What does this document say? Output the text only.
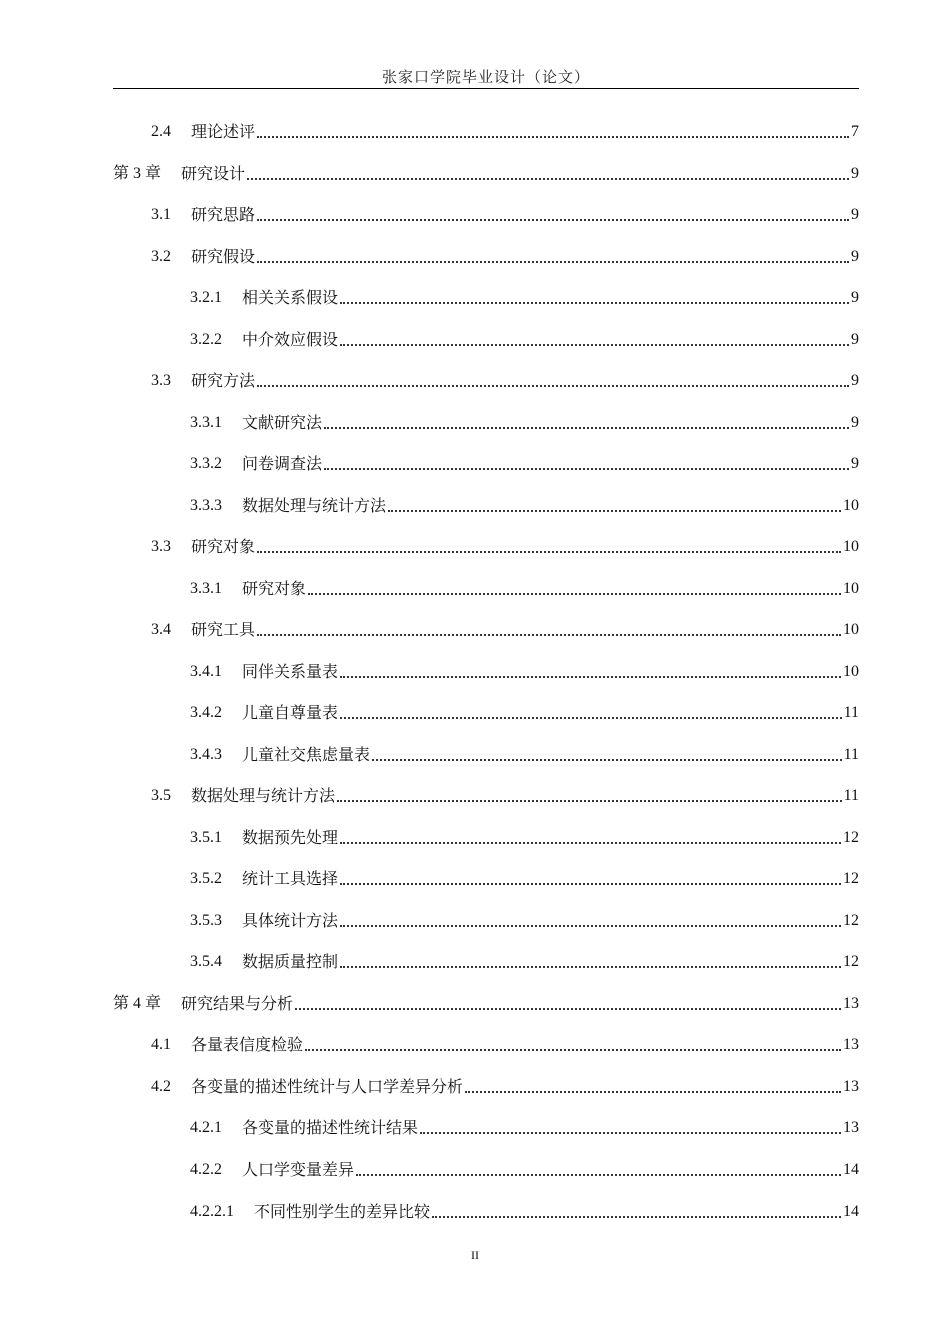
张家口学院毕业设计（论文）
2.4 理论述评	7
第 3 章 研究设计	9
3.1 研究思路	9
3.2 研究假设	9
3.2.1 相关关系假设	9
3.2.2 中介效应假设	9
3.3 研究方法	9
3.3.1 文献研究法	9
3.3.2 问卷调查法	9
3.3.3 数据处理与统计方法	10
3.3 研究对象	10
3.3.1 研究对象	10
3.4 研究工具	10
3.4.1 同伴关系量表	10
3.4.2 儿童自尊量表	11
3.4.3 儿童社交焦虑量表	11
3.5 数据处理与统计方法	11
3.5.1 数据预先处理	12
3.5.2 统计工具选择	12
3.5.3 具体统计方法	12
3.5.4 数据质量控制	12
第 4 章 研究结果与分析	13
4.1 各量表信度检验	13
4.2 各变量的描述性统计与人口学差异分析	13
4.2.1 各变量的描述性统计结果	13
4.2.2 人口学变量差异	14
4.2.2.1 不同性别学生的差异比较	14
II
